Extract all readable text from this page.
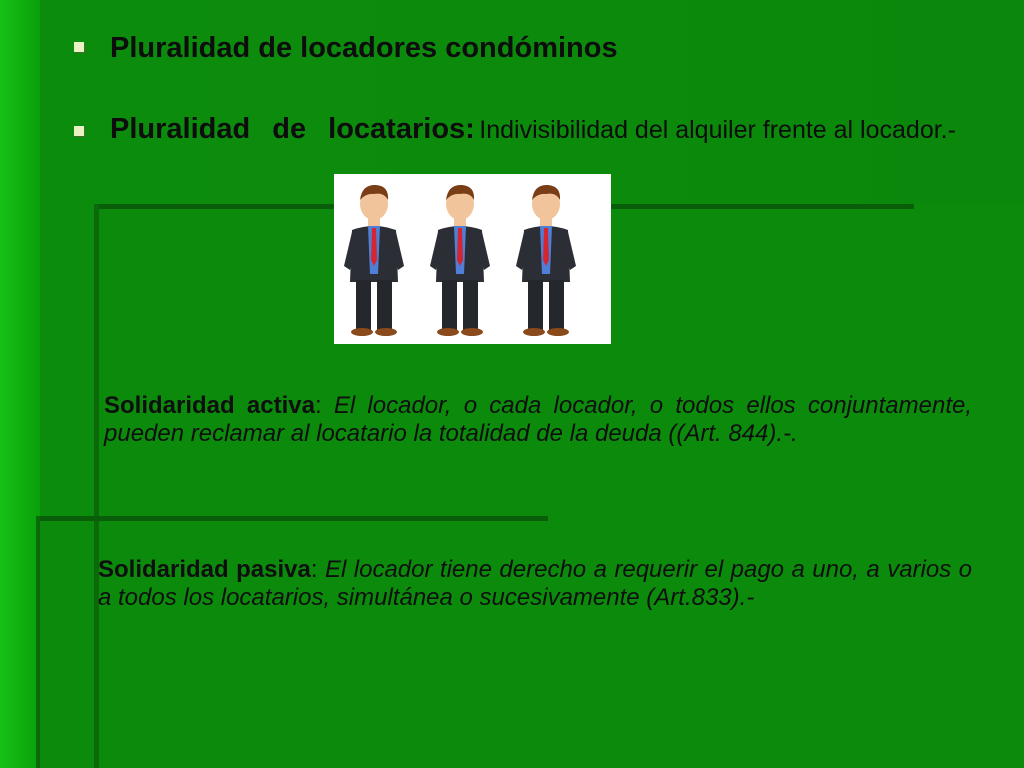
Pluralidad de locadores condóminos
Pluralidad de locatarios: Indivisibilidad del alquiler frente al locador.-
Solidaridad activa: El locador, o cada locador, o todos ellos conjuntamente, pueden reclamar al locatario la totalidad de la deuda ((Art. 844).-.
Solidaridad pasiva: El locador tiene derecho a requerir el pago a uno, a varios o a todos los locatarios, simultánea o sucesivamente (Art.833).-
